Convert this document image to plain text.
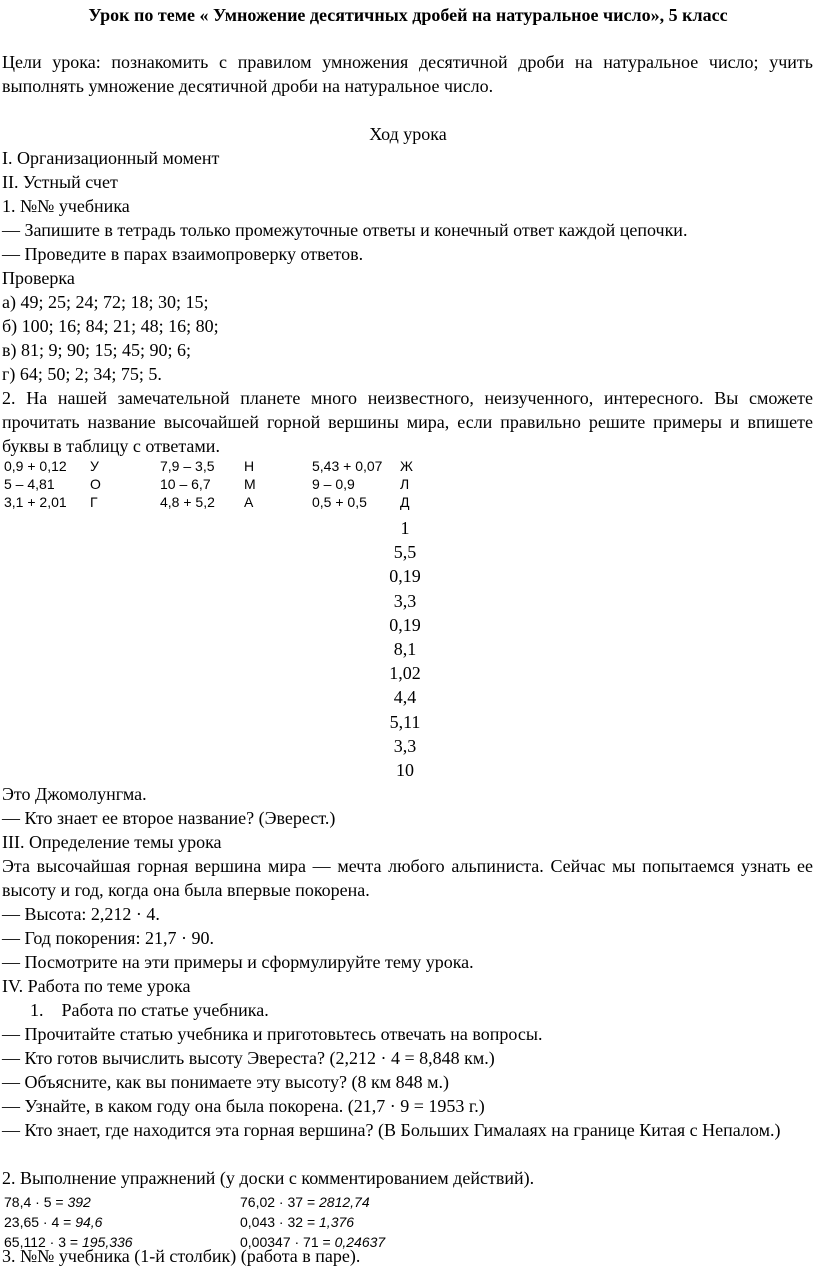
Урок по теме « Умножение десятичных дробей на натуральное число», 5 класс
Цели урока: познакомить с правилом умножения десятичной дроби на натуральное число; учить выполнять умножение десятичной дроби на натуральное число.
Ход урока
I. Организационный момент
II. Устный счет
1. №№ учебника
— Запишите в тетрадь только промежуточные ответы и конечный ответ каждой цепочки.
— Проведите в парах взаимопроверку ответов.
Проверка
а) 49; 25; 24; 72; 18; 30; 15;
б) 100; 16; 84; 21; 48; 16; 80;
в) 81; 9; 90; 15; 45; 90; 6;
г) 64; 50; 2; 34; 75; 5.
2. На нашей замечательной планете много неизвестного, неизученного, интересного. Вы сможете прочитать название высочайшей горной вершины мира, если правильно решите примеры и впишете буквы в таблицу с ответами.
0,9 + 0,12 У	7,9 – 3,5 Н	5,43 + 0,07 Ж
5 – 4,81	О	10 – 6,7 М	9 – 0,9	Л
3,1 + 2,01 Г	4,8 + 5,2 А	0,5 + 0,5 Д
1
5,5
0,19
3,3
0,19
8,1
1,02
4,4
5,11
3,3
10
Это Джомолунгма.
— Кто знает ее второе название? (Эверест.)
III. Определение темы урока
Эта высочайшая горная вершина мира — мечта любого альпиниста. Сейчас мы попытаемся узнать ее высоту и год, когда она была впервые покорена.
— Высота: 2,212 · 4.
— Год покорения: 21,7 · 90.
— Посмотрите на эти примеры и сформулируйте тему урока.
IV. Работа по теме урока
1.    Работа по статье учебника.
— Прочитайте статью учебника и приготовьтесь отвечать на вопросы.
— Кто готов вычислить высоту Эвереста? (2,212 · 4 = 8,848 км.)
— Объясните, как вы понимаете эту высоту? (8 км 848 м.)
— Узнайте, в каком году она была покорена. (21,7 · 9 = 1953 г.)
— Кто знает, где находится эта горная вершина? (В Больших Гималаях на границе Китая с Непалом.)
2. Выполнение упражнений (у доски с комментированием действий).
78,4 · 5 = 392	76,02 · 37 = 2812,74
23,65 · 4 = 94,6	0,043 · 32 = 1,376
65,112 · 3 = 195,336	0,00347 · 71 = 0,24637
3. №№ учебника (1-й столбик) (работа в паре).
